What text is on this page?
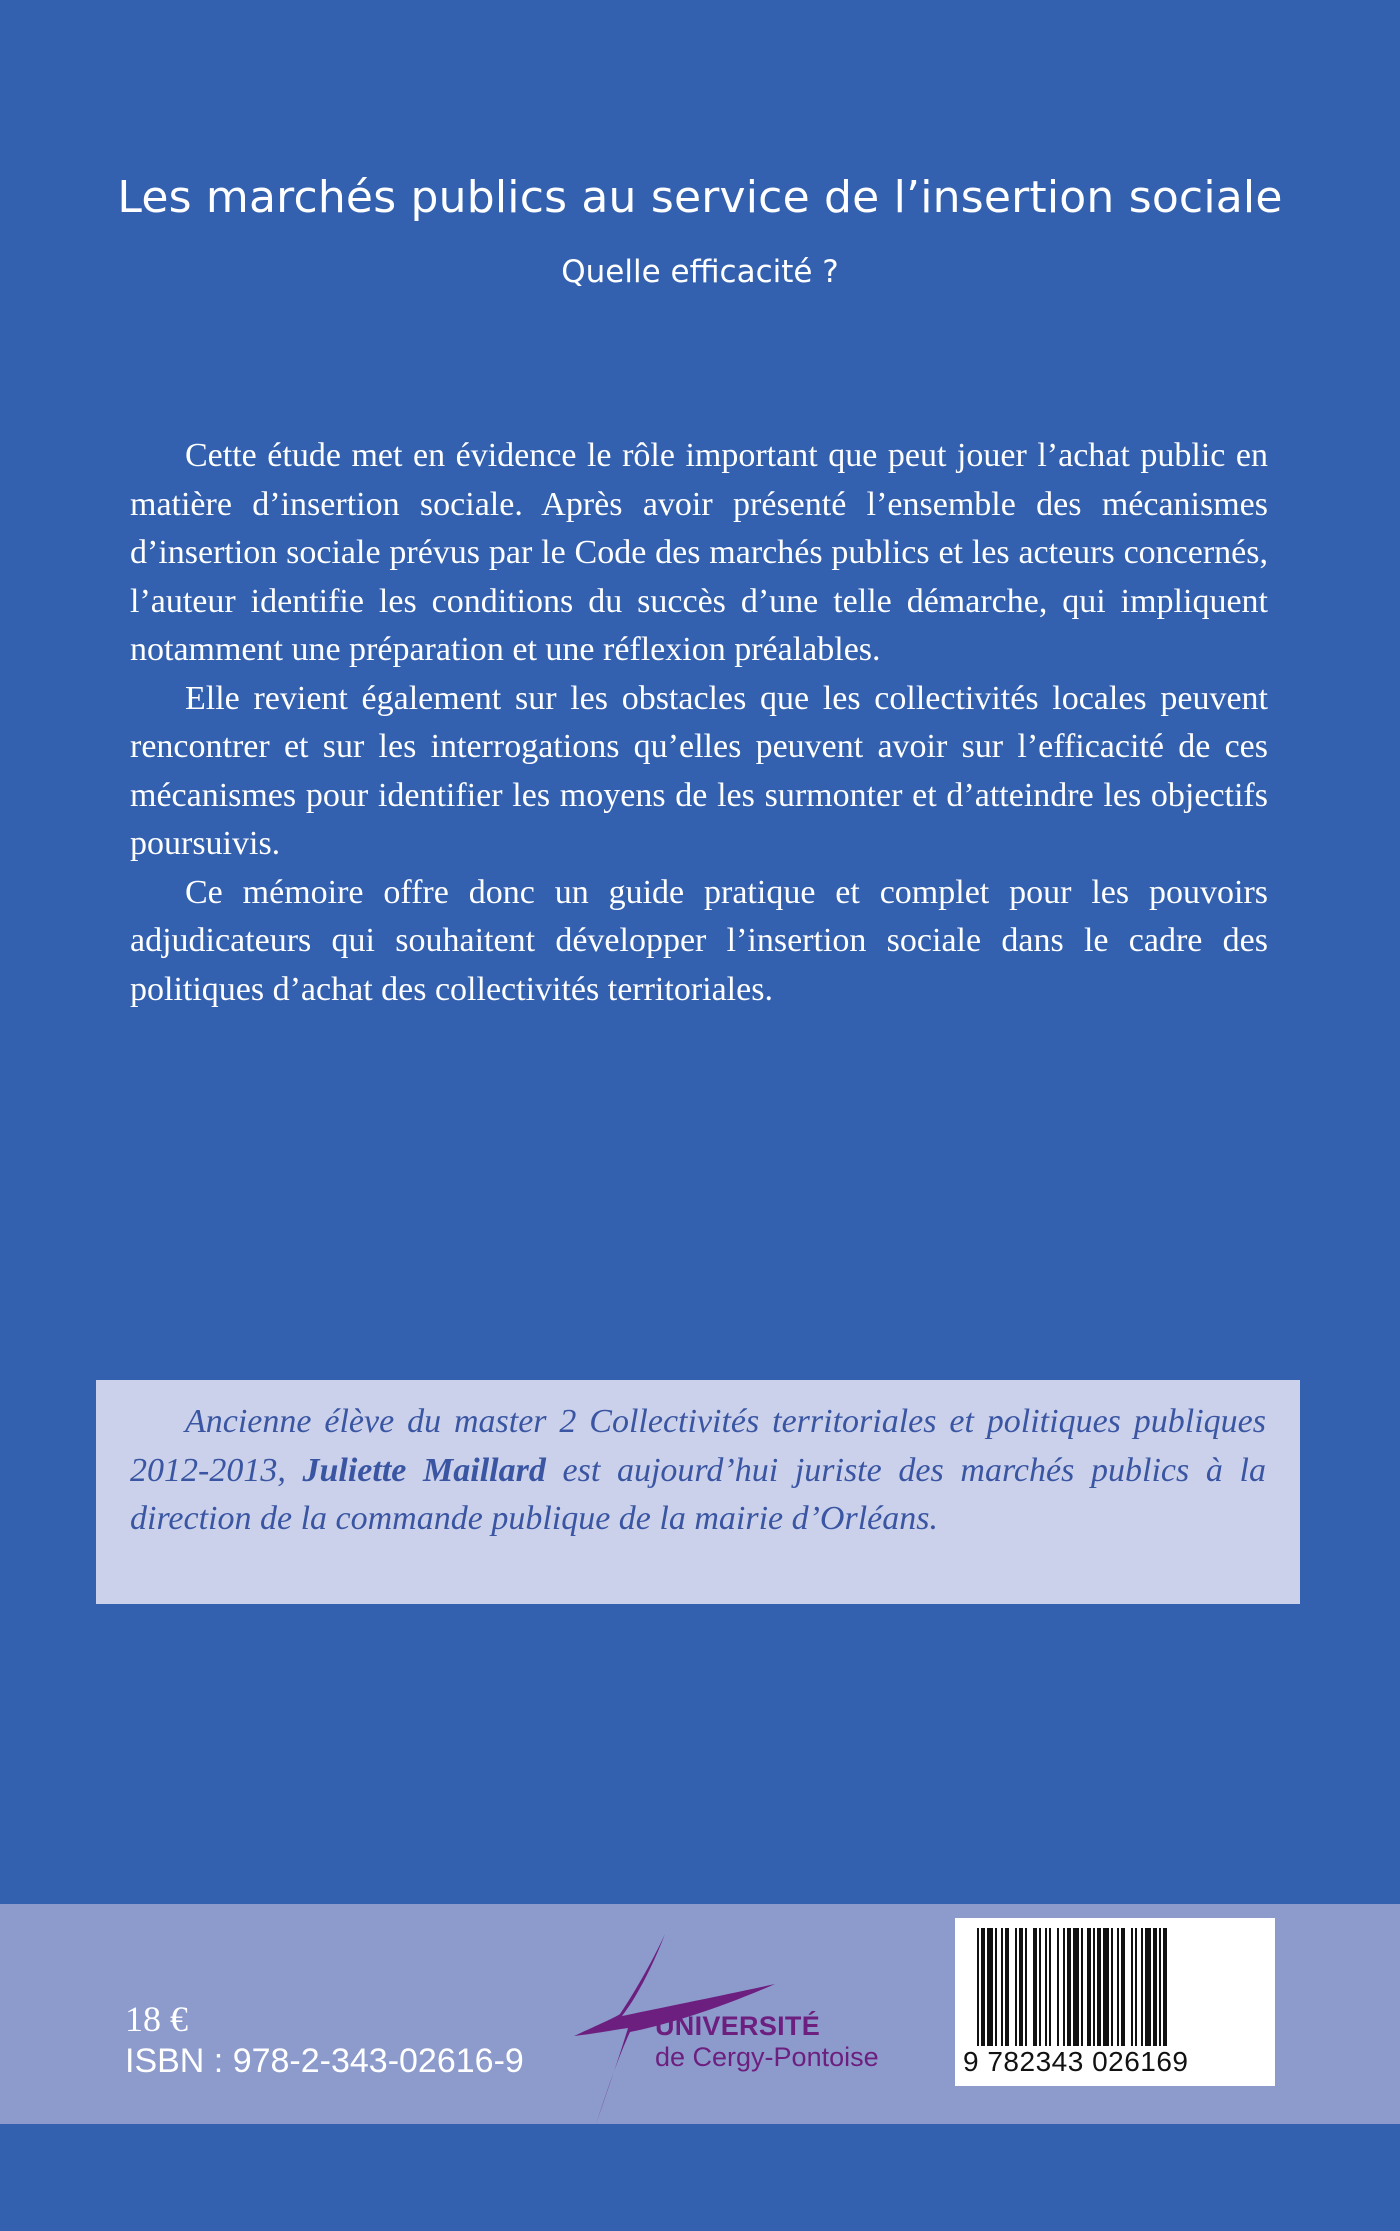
Les marchés publics au service de l’insertion sociale
Quelle efficacité ?

Cette étude met en évidence le rôle important que peut jouer l’achat public en matière d’insertion sociale. Après avoir présenté l’ensemble des mécanismes d’insertion sociale prévus par le Code des marchés publics et les acteurs concernés, l’auteur identifie les conditions du succès d’une telle démarche, qui impliquent notamment une préparation et une réflexion préalables.

Elle revient également sur les obstacles que les collectivités locales peuvent rencontrer et sur les interrogations qu’elles peuvent avoir sur l’efficacité de ces mécanismes pour identifier les moyens de les surmonter et d’atteindre les objectifs poursuivis.

Ce mémoire offre donc un guide pratique et complet pour les pouvoirs adjudicateurs qui souhaitent développer l’insertion sociale dans le cadre des politiques d’achat des collectivités territoriales.

Ancienne élève du master 2 Collectivités territoriales et politiques publiques 2012-2013, Juliette Maillard est aujourd’hui juriste des marchés publics à la direction de la commande publique de la mairie d’Orléans.

18 €
ISBN : 978-2-343-02616-9
UNIVERSITÉ
de Cergy-Pontoise	9 782343 026169
